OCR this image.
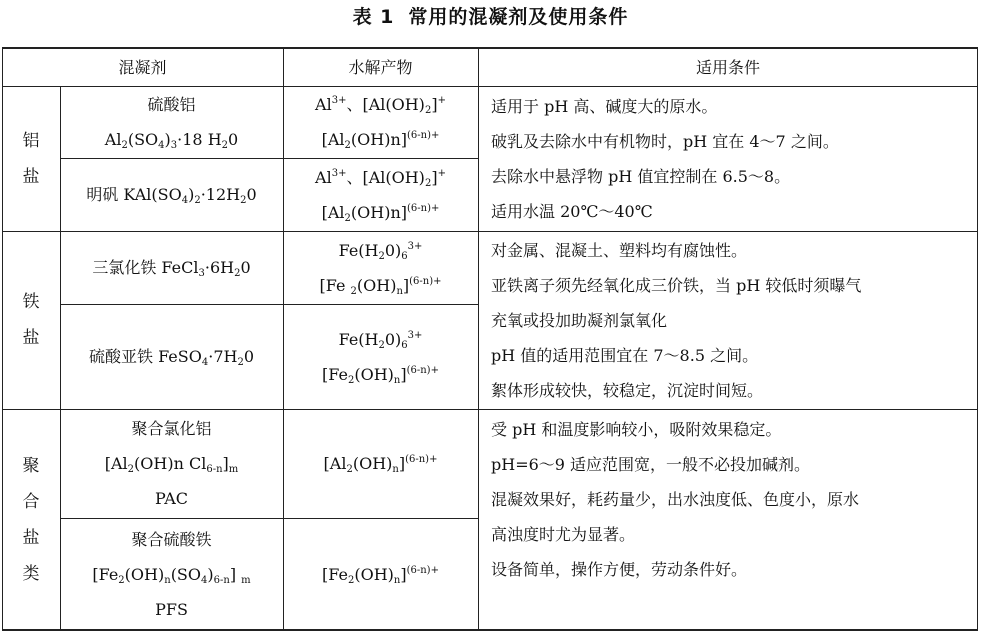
表 1 常用的混凝剂及使用条件
混凝剂	水解产物	适用条件
铝
盐
铁
盐
聚
合
盐
类
硫酸铝
$Al_2(SO_4)_3\cdot 18$ $H_20$
$Al^{3+}$、$[Al(OH)_2]^+$
$[Al_2(OH)n]^{(6-n)+}$
明矾 $KAl(SO_4)_2\cdot 12H_20$
$Al^{3+}$、$[Al(OH)_2]^+$
$[Al_2(OH)n]^{(6-n)+}$
适用于 pH 高、碱度大的原水。
破乳及去除水中有机物时，pH 宜在 4～7 之间。
去除水中悬浮物 pH 值宜控制在 6.5～8。
适用水温 20℃～40℃
三氯化铁 $FeCl_3\cdot 6H_20$
$Fe(H_20)_6^{3+}$
[Fe $_2(OH)_n]^{(6-n)+}$
硫酸亚铁 $FeSO_4\cdot 7H_20$
$Fe(H_20)_6^{3+}$
$[Fe_2(OH)_n]^{(6-n)+}$
对金属、混凝土、塑料均有腐蚀性。
亚铁离子须先经氧化成三价铁，当 pH 较低时须曝气
充氧或投加助凝剂氯氧化
pH 值的适用范围宜在 7～8.5 之间。
絮体形成较快，较稳定，沉淀时间短。
聚合氯化铝
[$Al_2(OH)n$ $Cl_{6-n}]_m$
PAC
$[Al_2(OH)_n]^{(6-n)+}$
聚合硫酸铁
$[Fe_2(OH)_n(SO_4)_{6-n}]$ $_m$
PFS
$[Fe_2(OH)_n]^{(6-n)+}$
受 pH 和温度影响较小，吸附效果稳定。
pH=6～9 适应范围宽，一般不必投加碱剂。
混凝效果好，耗药量少，出水浊度低、色度小，原水
高浊度时尤为显著。
设备简单，操作方便，劳动条件好。
